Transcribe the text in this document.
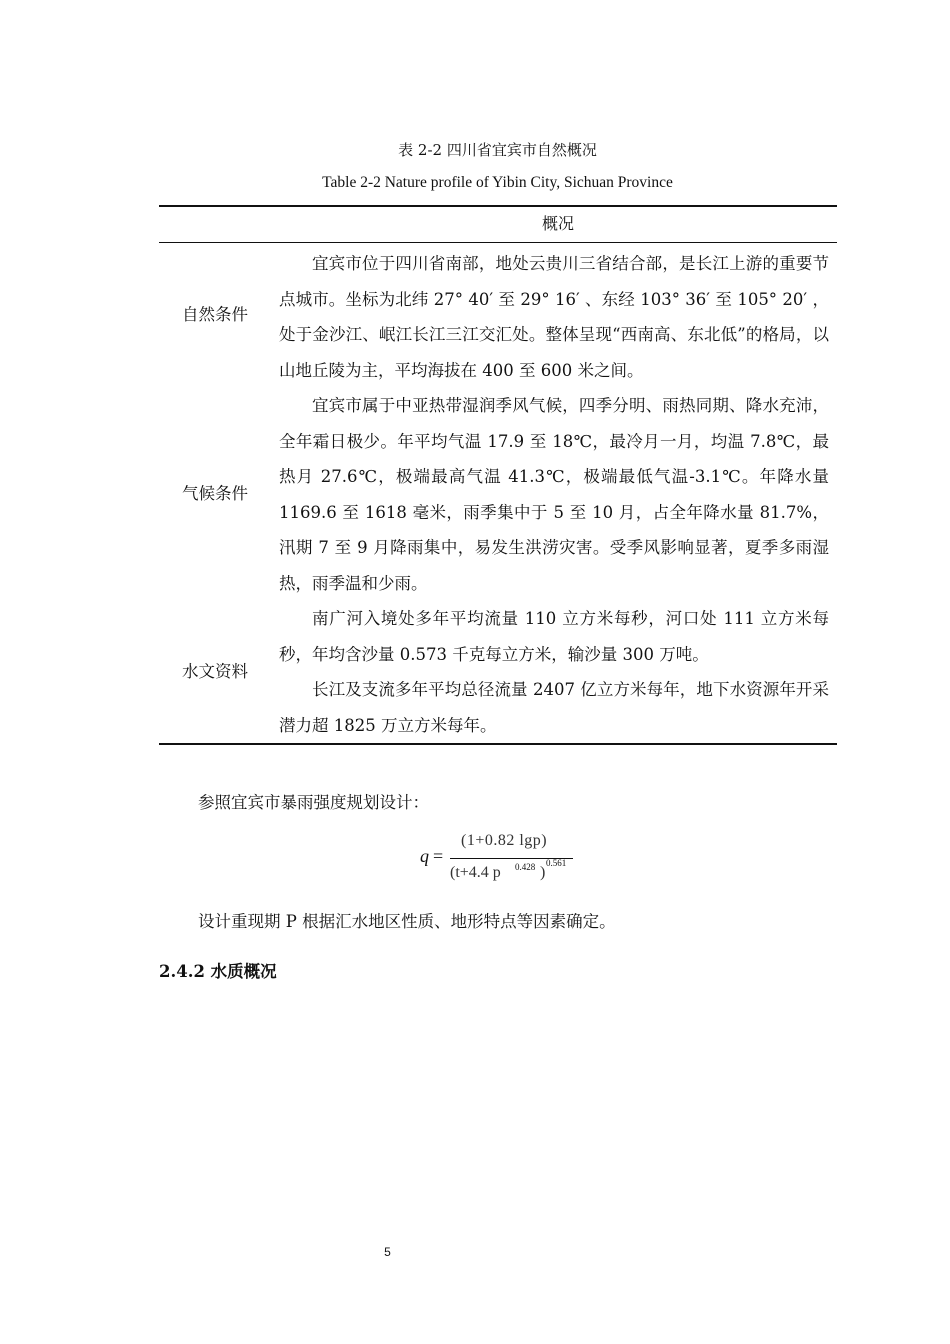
表 2-2 四川省宜宾市自然概况
Table 2-2 Nature profile of Yibin City, Sichuan Province
概况
自然条件

宜宾市位于四川省南部，地处云贵川三省结合部，是长江上游的重要节点城市。坐标为北纬 27° 40′ 至 29° 16′ 、东经 103° 36′ 至 105° 20′ ，处于金沙江、岷江长江三江交汇处。整体呈现“西南高、东北低”的格局，以山地丘陵为主，平均海拔在 400 至 600 米之间。

气候条件

宜宾市属于中亚热带湿润季风气候，四季分明、雨热同期、降水充沛，全年霜日极少。年平均气温 17.9 至 18℃，最冷月一月，均温 7.8℃，最热月 27.6℃，极端最高气温 41.3℃，极端最低气温-3.1℃。年降水量 1169.6 至 1618 毫米，雨季集中于 5 至 10 月，占全年降水量 81.7%，汛期 7 至 9 月降雨集中，易发生洪涝灾害。受季风影响显著，夏季多雨湿热，雨季温和少雨。

水文资料

南广河入境处多年平均流量 110 立方米每秒，河口处 111 立方米每秒，年均含沙量 0.573 千克每立方米，输沙量 300 万吨。

长江及支流多年平均总径流量 2407 亿立方米每年，地下水资源年开采潜力超 1825 万立方米每年。

参照宜宾市暴雨强度规划设计：
q =
(1+0.82 lgp)
(t+4.4 p 0.428 )
0.561
设计重现期 P 根据汇水地区性质、地形特点等因素确定。
2.4.2 水质概况
5
